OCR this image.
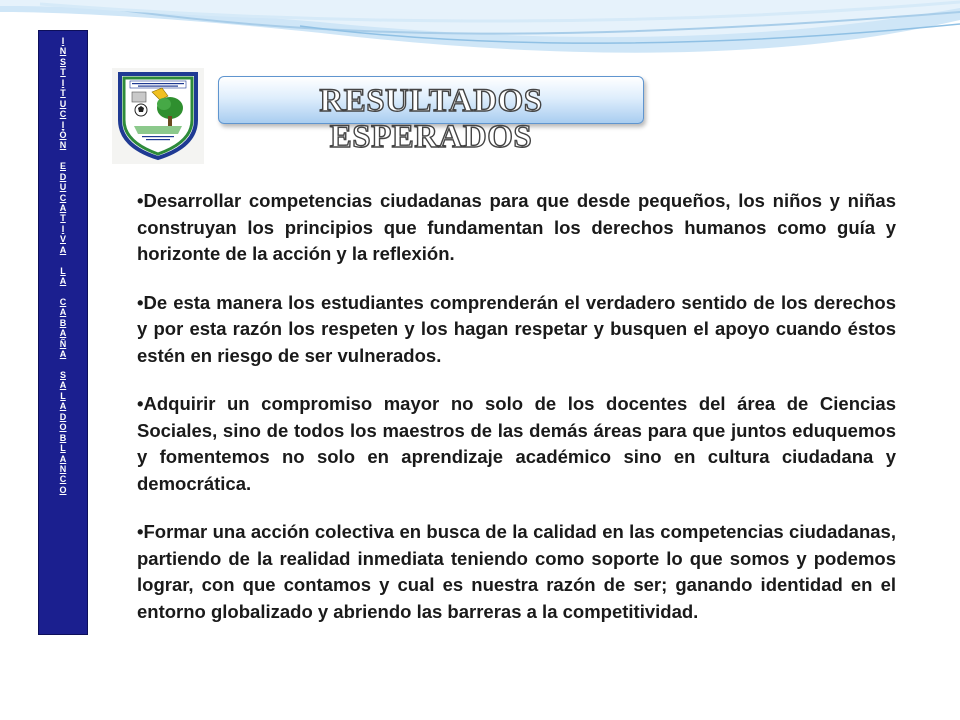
I
N
S
T
I
T
U
C
I
Ó
N
E
D
U
C
A
T
I
V
A
L
A
C
A
B
A
Ñ
A
S
A
L
A
D
O
B
L
A
N
C
O
RESULTADOS ESPERADOS
•Desarrollar competencias ciudadanas para que desde pequeños, los niños y niñas construyan los principios que fundamentan los derechos humanos como guía y horizonte de la acción y la reflexión.
•De esta manera los estudiantes comprenderán el verdadero sentido de los derechos y por esta razón los respeten y los hagan respetar y busquen el apoyo cuando éstos estén en riesgo de ser vulnerados.
•Adquirir un compromiso mayor no solo de los docentes del área de Ciencias Sociales, sino de todos los maestros de las demás áreas para que juntos eduquemos y fomentemos no solo en aprendizaje académico sino en cultura ciudadana y democrática.
•Formar una acción colectiva en busca de la calidad en las competencias ciudadanas, partiendo de la realidad inmediata teniendo como soporte lo que somos y podemos lograr, con que contamos y cual es nuestra razón de ser; ganando identidad en el entorno globalizado y abriendo las barreras a la competitividad.
